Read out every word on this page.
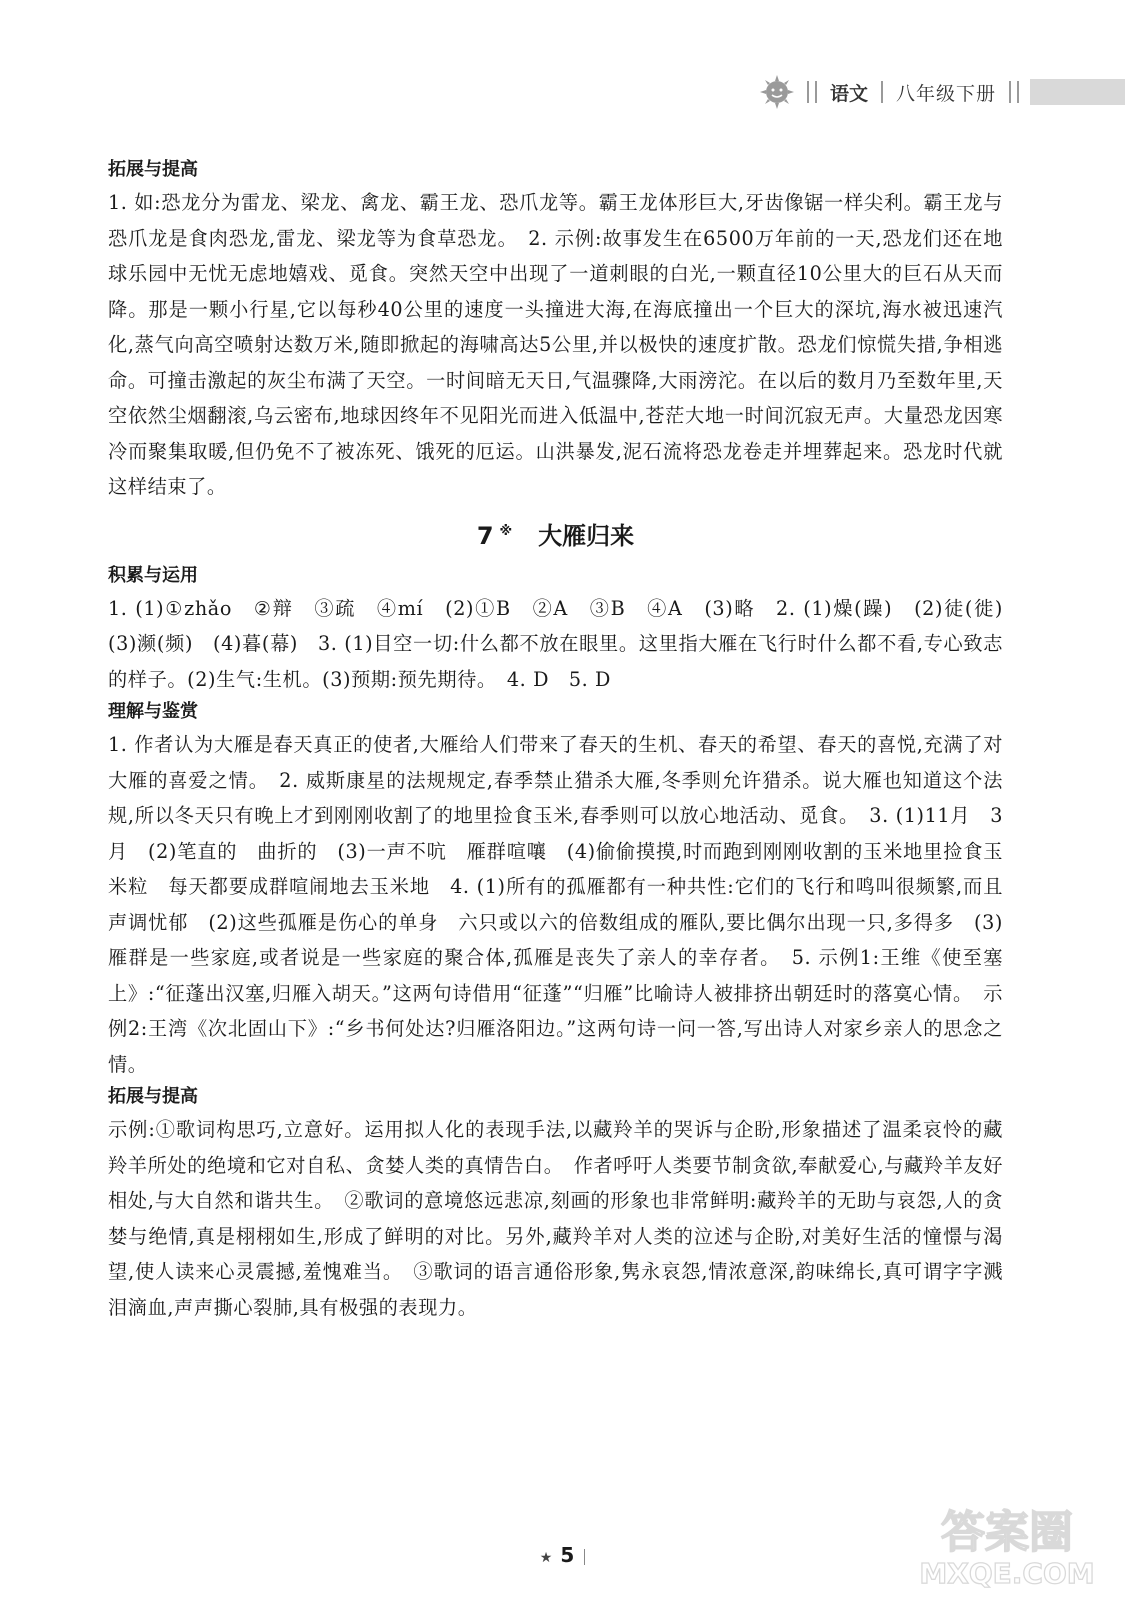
语文 八年级下册
拓展与提高

1. 如:恐龙分为雷龙、梁龙、禽龙、霸王龙、恐爪龙等。霸王龙体形巨大,牙齿像锯一样尖利。霸王龙与恐爪龙是食肉恐龙,雷龙、梁龙等为食草恐龙。　2. 示例:故事发生在6500万年前的一天,恐龙们还在地球乐园中无忧无虑地嬉戏、觅食。突然天空中出现了一道刺眼的白光,一颗直径10公里大的巨石从天而降。那是一颗小行星,它以每秒40公里的速度一头撞进大海,在海底撞出一个巨大的深坑,海水被迅速汽化,蒸气向高空喷射达数万米,随即掀起的海啸高达5公里,并以极快的速度扩散。恐龙们惊慌失措,争相逃命。可撞击激起的灰尘布满了天空。一时间暗无天日,气温骤降,大雨滂沱。在以后的数月乃至数年里,天空依然尘烟翻滚,乌云密布,地球因终年不见阳光而进入低温中,苍茫大地一时间沉寂无声。大量恐龙因寒冷而聚集取暖,但仍免不了被冻死、饿死的厄运。山洪暴发,泥石流将恐龙卷走并埋葬起来。恐龙时代就这样结束了。

7 ※ 大雁归来
积累与运用

1. (1)①zhǎo　②辩　③疏　④mí　(2)①B　②A　③B　④A　(3)略　2. (1)燥(躁)　(2)徒(徙)　(3)濒(频)　(4)暮(幕)　3. (1)目空一切:什么都不放在眼里。这里指大雁在飞行时什么都不看,专心致志的样子。(2)生气:生机。(3)预期:预先期待。　4. D　5. D

理解与鉴赏

1. 作者认为大雁是春天真正的使者,大雁给人们带来了春天的生机、春天的希望、春天的喜悦,充满了对大雁的喜爱之情。　2. 威斯康星的法规规定,春季禁止猎杀大雁,冬季则允许猎杀。说大雁也知道这个法规,所以冬天只有晚上才到刚刚收割了的地里捡食玉米,春季则可以放心地活动、觅食。　3. (1)11月　3月　(2)笔直的　曲折的　(3)一声不吭　雁群喧嚷　(4)偷偷摸摸,时而跑到刚刚收割的玉米地里捡食玉米粒　每天都要成群喧闹地去玉米地　4. (1)所有的孤雁都有一种共性:它们的飞行和鸣叫很频繁,而且声调忧郁　(2)这些孤雁是伤心的单身　六只或以六的倍数组成的雁队,要比偶尔出现一只,多得多　(3)雁群是一些家庭,或者说是一些家庭的聚合体,孤雁是丧失了亲人的幸存者。　5. 示例1:王维《使至塞上》:“征蓬出汉塞,归雁入胡天。”这两句诗借用“征蓬”“归雁”比喻诗人被排挤出朝廷时的落寞心情。　示例2:王湾《次北固山下》:“乡书何处达?归雁洛阳边。”这两句诗一问一答,写出诗人对家乡亲人的思念之情。

拓展与提高

示例:①歌词构思巧,立意好。运用拟人化的表现手法,以藏羚羊的哭诉与企盼,形象描述了温柔哀怜的藏羚羊所处的绝境和它对自私、贪婪人类的真情告白。　作者呼吁人类要节制贪欲,奉献爱心,与藏羚羊友好相处,与大自然和谐共生。　②歌词的意境悠远悲凉,刻画的形象也非常鲜明:藏羚羊的无助与哀怨,人的贪婪与绝情,真是栩栩如生,形成了鲜明的对比。另外,藏羚羊对人类的泣述与企盼,对美好生活的憧憬与渴望,使人读来心灵震撼,羞愧难当。　③歌词的语言通俗形象,隽永哀怨,情浓意深,韵味绵长,真可谓字字溅泪滴血,声声撕心裂肺,具有极强的表现力。

★ 5	答案圈
MXQE.COM
